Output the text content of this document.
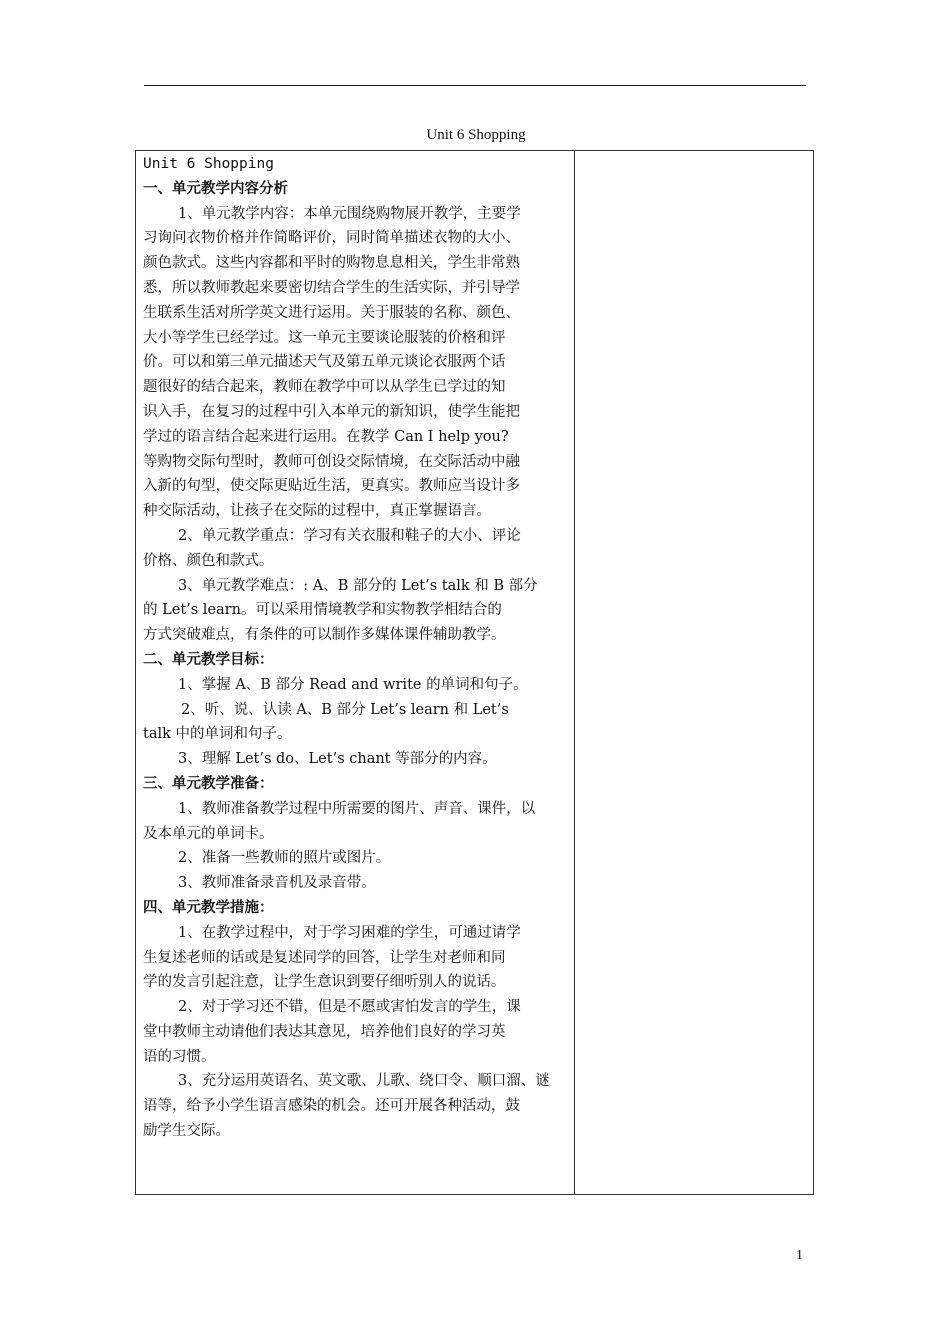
Unit 6 Shopping
Unit 6 Shopping
一、单元教学内容分析
1、单元教学内容：本单元围绕购物展开教学，主要学
习询问衣物价格并作简略评价，同时简单描述衣物的大小、
颜色款式。这些内容都和平时的购物息息相关，学生非常熟
悉，所以教师教起来要密切结合学生的生活实际，并引导学
生联系生活对所学英文进行运用。关于服装的名称、颜色、
大小等学生已经学过。这一单元主要谈论服装的价格和评
价。可以和第三单元描述天气及第五单元谈论衣服两个话
题很好的结合起来，教师在教学中可以从学生已学过的知
识入手，在复习的过程中引入本单元的新知识，使学生能把
学过的语言结合起来进行运用。在教学 Can I help you?
等购物交际句型时，教师可创设交际情境，在交际活动中融
入新的句型，使交际更贴近生活，更真实。教师应当设计多
种交际活动，让孩子在交际的过程中，真正掌握语言。
2、单元教学重点：学习有关衣服和鞋子的大小、评论
价格、颜色和款式。
3、单元教学难点：: A、B 部分的 Let’s talk 和 B 部分
的 Let’s learn。可以采用情境教学和实物教学相结合的
方式突破难点，有条件的可以制作多媒体课件辅助教学。
二、单元教学目标：
1、掌握 A、B 部分 Read and write 的单词和句子。
2、听、说、认读 A、B 部分 Let’s learn 和 Let’s
talk 中的单词和句子。
3、理解 Let’s do、Let’s chant 等部分的内容。
三、单元教学准备：
1、教师准备教学过程中所需要的图片、声音、课件，以
及本单元的单词卡。
2、准备一些教师的照片或图片。
3、教师准备录音机及录音带。
四、单元教学措施：
1、在教学过程中，对于学习困难的学生，可通过请学
生复述老师的话或是复述同学的回答，让学生对老师和同
学的发言引起注意，让学生意识到要仔细听别人的说话。
2、对于学习还不错，但是不愿或害怕发言的学生，课
堂中教师主动请他们表达其意见，培养他们良好的学习英
语的习惯。
3、充分运用英语名、英文歌、儿歌、绕口令、顺口溜、谜
语等，给予小学生语言感染的机会。还可开展各种活动，鼓
励学生交际。
1
